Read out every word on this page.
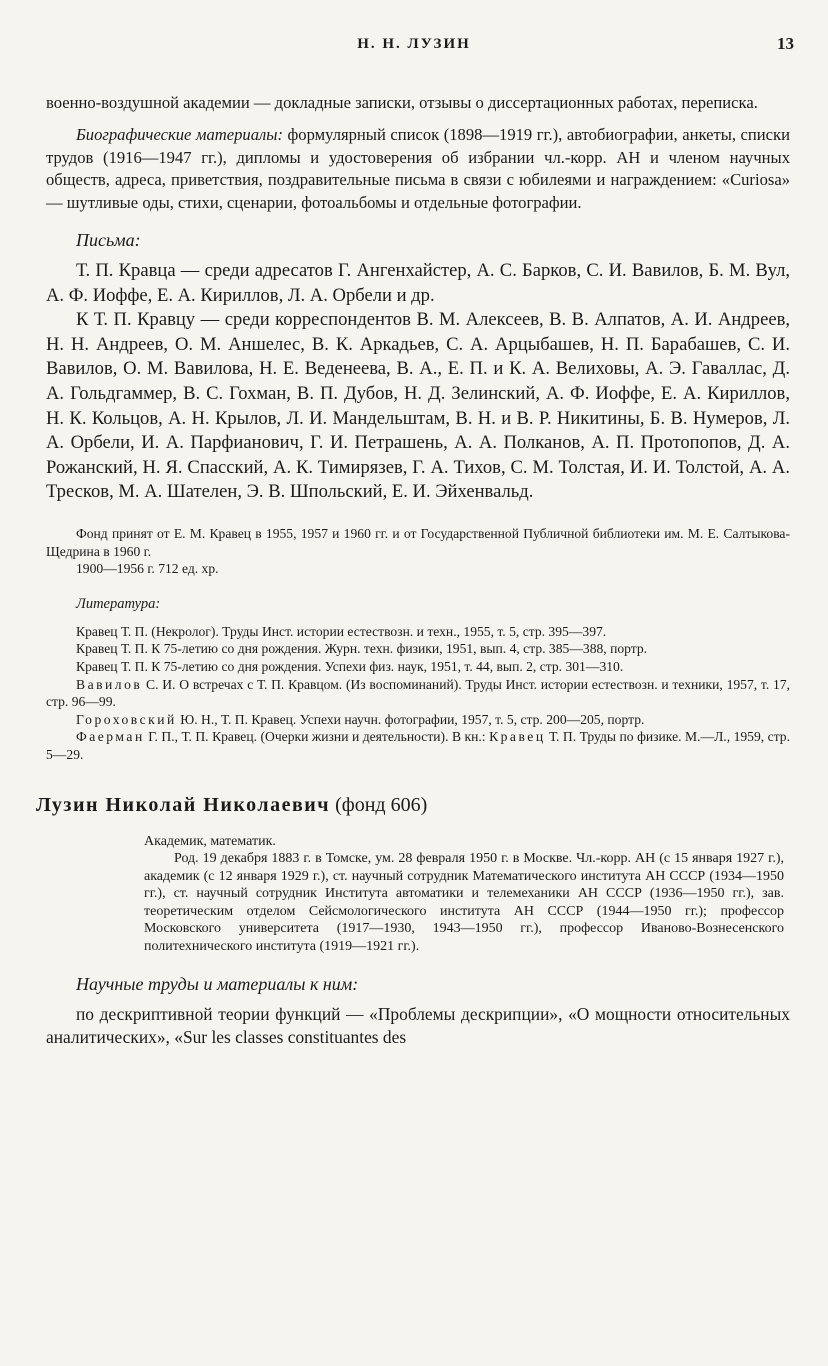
Н. Н. ЛУЗИН	13

военно-воздушной академии — докладные записки, отзывы о диссертационных работах, переписка.

Биографические материалы: формулярный список (1898—1919 гг.), автобиографии, анкеты, списки трудов (1916—1947 гг.), дипломы и удостоверения об избрании чл.-корр. АН и членом научных обществ, адреса, приветствия, поздравительные письма в связи с юбилеями и награждением: «Curiosa» — шутливые оды, стихи, сценарии, фотоальбомы и отдельные фотографии.

Письма:

Т. П. Кравца — среди адресатов Г. Ангенхайстер, А. С. Барков, С. И. Вавилов, Б. М. Вул, А. Ф. Иоффе, Е. А. Кириллов, Л. А. Орбели и др.

К Т. П. Кравцу — среди корреспондентов В. М. Алексеев, В. В. Алпатов, А. И. Андреев, Н. Н. Андреев, О. М. Аншелес, В. К. Аркадьев, С. А. Арцыбашев, Н. П. Барабашев, С. И. Вавилов, О. М. Вавилова, Н. Е. Веденеева, В. А., Е. П. и К. А. Велиховы, А. Э. Гаваллас, Д. А. Гольдгаммер, В. С. Гохман, В. П. Дубов, Н. Д. Зелинский, А. Ф. Иоффе, Е. А. Кириллов, Н. К. Кольцов, А. Н. Крылов, Л. И. Мандельштам, В. Н. и В. Р. Никитины, Б. В. Нумеров, Л. А. Орбели, И. А. Парфианович, Г. И. Петрашень, А. А. Полканов, А. П. Протопопов, Д. А. Рожанский, Н. Я. Спасский, А. К. Тимирязев, Г. А. Тихов, С. М. Толстая, И. И. Толстой, А. А. Тресков, М. А. Шателен, Э. В. Шпольский, Е. И. Эйхенвальд.

Фонд принят от Е. М. Кравец в 1955, 1957 и 1960 гг. и от Государственной Публичной библиотеки им. М. Е. Салтыкова-Щедрина в 1960 г.

1900—1956 г. 712 ед. хр.

Литература:

Кравец Т. П. (Некролог). Труды Инст. истории естествозн. и техн., 1955, т. 5, стр. 395—397.

Кравец Т. П. К 75-летию со дня рождения. Журн. техн. физики, 1951, вып. 4, стр. 385—388, портр.

Кравец Т. П. К 75-летию со дня рождения. Успехи физ. наук, 1951, т. 44, вып. 2, стр. 301—310.

Вавилов С. И. О встречах с Т. П. Кравцом. (Из воспоминаний). Труды Инст. истории естествозн. и техники, 1957, т. 17, стр. 96—99.

Гороховский Ю. Н., Т. П. Кравец. Успехи научн. фотографии, 1957, т. 5, стр. 200—205, портр.

Фаерман Г. П., Т. П. Кравец. (Очерки жизни и деятельности). В кн.: Кравец Т. П. Труды по физике. М.—Л., 1959, стр. 5—29.

Лузин Николай Николаевич (фонд 606)

Академик, математик.

Род. 19 декабря 1883 г. в Томске, ум. 28 февраля 1950 г. в Москве. Чл.-корр. АН (с 15 января 1927 г.), академик (с 12 января 1929 г.), ст. научный сотрудник Математического института АН СССР (1934—1950 гг.), ст. научный сотрудник Института автоматики и телемеханики АН СССР (1936—1950 гг.), зав. теоретическим отделом Сейсмологического института АН СССР (1944—1950 гг.); профессор Московского университета (1917—1930, 1943—1950 гг.), профессор Иваново-Вознесенского политехнического института (1919—1921 гг.).

Научные труды и материалы к ним:

по дескриптивной теории функций — «Проблемы дескрипции», «О мощности относительных аналитических», «Sur les classes constituantes des
